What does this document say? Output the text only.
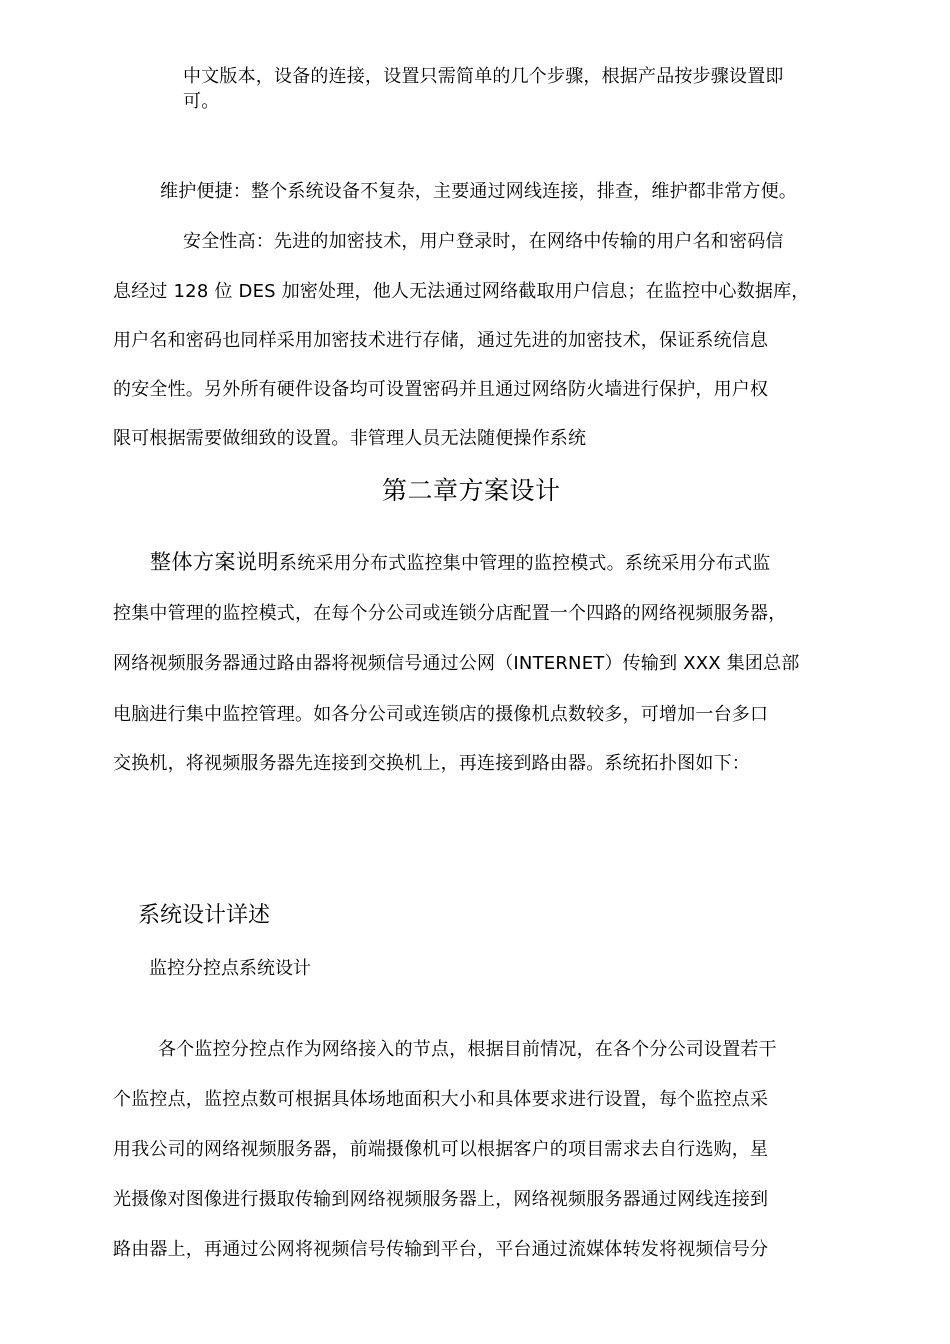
中文版本，设备的连接，设置只需简单的几个步骤，根据产品按步骤设置即
可。
维护便捷：整个系统设备不复杂，主要通过网线连接，排查，维护都非常方便。
安全性高：先进的加密技术，用户登录时，在网络中传输的用户名和密码信
息经过 128 位 DES 加密处理，他人无法通过网络截取用户信息；在监控中心数据库，
用户名和密码也同样采用加密技术进行存储，通过先进的加密技术，保证系统信息
的安全性。另外所有硬件设备均可设置密码并且通过网络防火墙进行保护，用户权
限可根据需要做细致的设置。非管理人员无法随便操作系统
第二章方案设计
整体方案说明系统采用分布式监控集中管理的监控模式。系统采用分布式监
控集中管理的监控模式，在每个分公司或连锁分店配置一个四路的网络视频服务器，
网络视频服务器通过路由器将视频信号通过公网（INTERNET）传输到 XXX 集团总部
电脑进行集中监控管理。如各分公司或连锁店的摄像机点数较多，可增加一台多口
交换机，将视频服务器先连接到交换机上，再连接到路由器。系统拓扑图如下：
系统设计详述
监控分控点系统设计
各个监控分控点作为网络接入的节点，根据目前情况，在各个分公司设置若干
个监控点，监控点数可根据具体场地面积大小和具体要求进行设置，每个监控点采
用我公司的网络视频服务器，前端摄像机可以根据客户的项目需求去自行选购，星
光摄像对图像进行摄取传输到网络视频服务器上，网络视频服务器通过网线连接到
路由器上，再通过公网将视频信号传输到平台，平台通过流媒体转发将视频信号分
